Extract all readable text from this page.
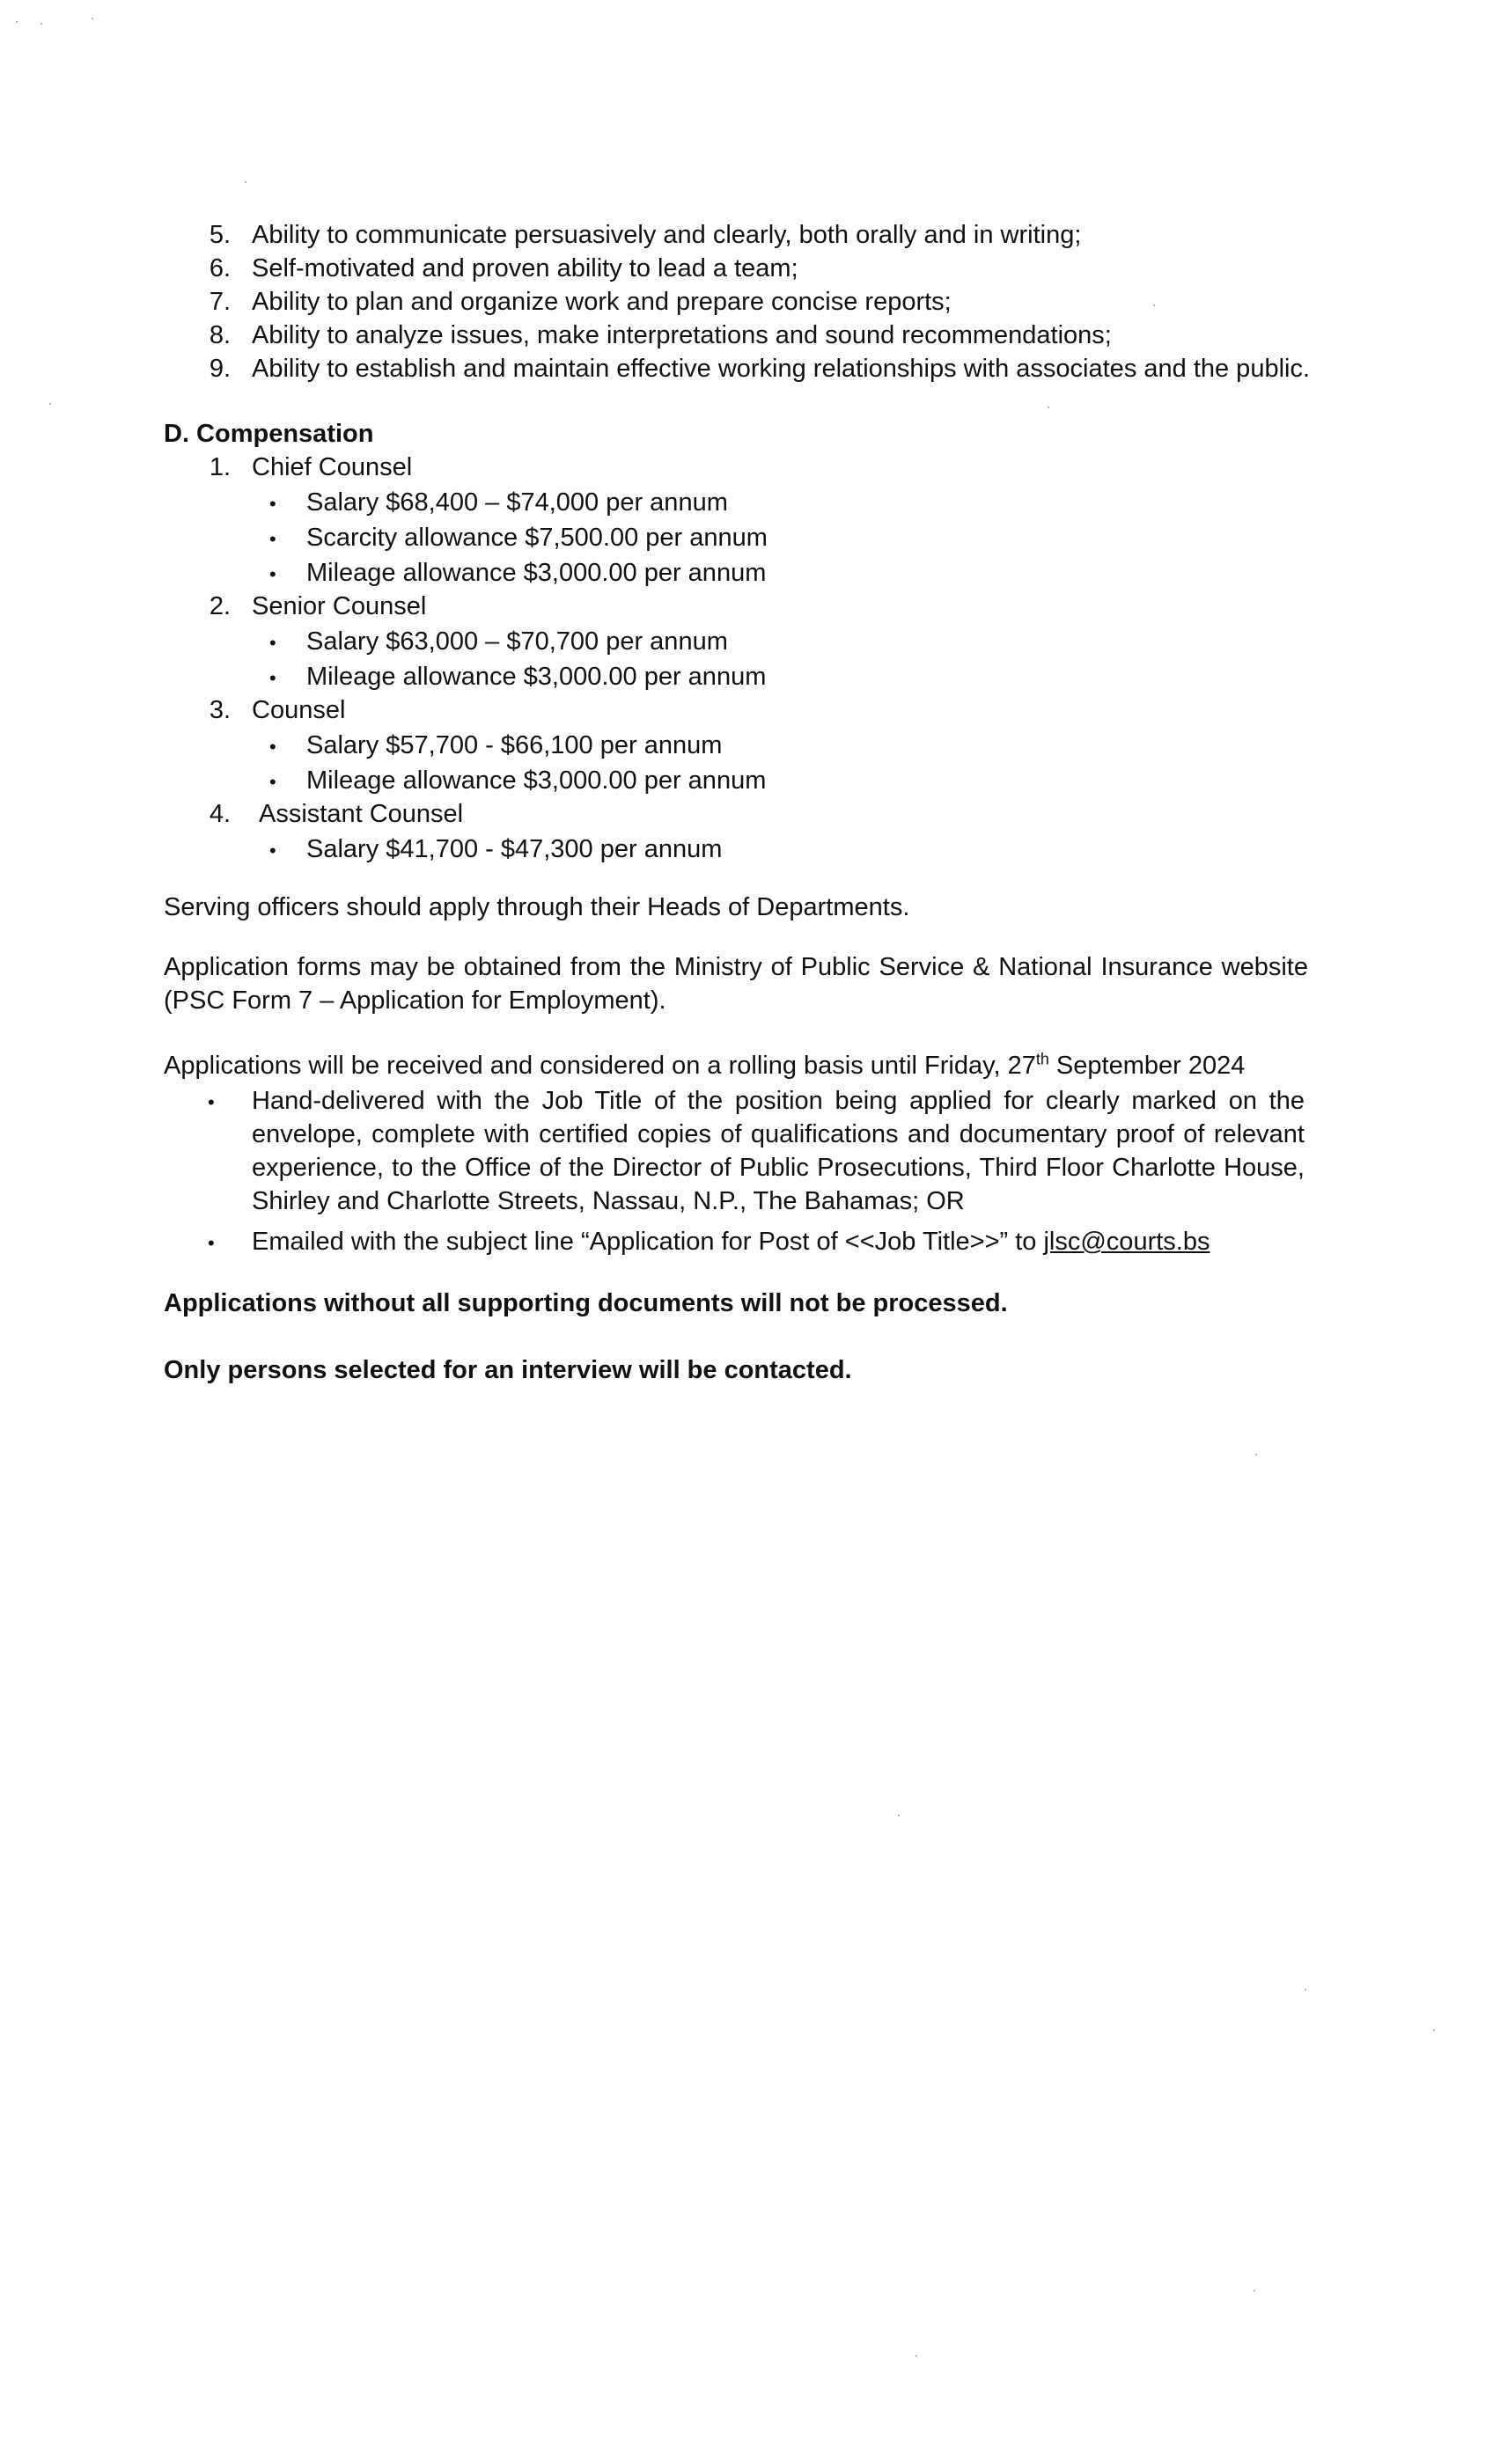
5. Ability to communicate persuasively and clearly, both orally and in writing;
6. Self-motivated and proven ability to lead a team;
7. Ability to plan and organize work and prepare concise reports;
8. Ability to analyze issues, make interpretations and sound recommendations;
9. Ability to establish and maintain effective working relationships with associates and the public.
D. Compensation
1. Chief Counsel
• Salary $68,400 – $74,000 per annum
• Scarcity allowance $7,500.00 per annum
• Mileage allowance $3,000.00 per annum
2. Senior Counsel
• Salary $63,000 – $70,700 per annum
• Mileage allowance $3,000.00 per annum
3. Counsel
• Salary $57,700 - $66,100 per annum
• Mileage allowance $3,000.00 per annum
4. Assistant Counsel
• Salary $41,700 - $47,300 per annum
Serving officers should apply through their Heads of Departments.
Application forms may be obtained from the Ministry of Public Service & National Insurance website (PSC Form 7 – Application for Employment).
Applications will be received and considered on a rolling basis until Friday, 27th September 2024
• Hand-delivered with the Job Title of the position being applied for clearly marked on the envelope, complete with certified copies of qualifications and documentary proof of relevant experience, to the Office of the Director of Public Prosecutions, Third Floor Charlotte House, Shirley and Charlotte Streets, Nassau, N.P., The Bahamas; OR
• Emailed with the subject line “Application for Post of <<Job Title>>” to jlsc@courts.bs
Applications without all supporting documents will not be processed.
Only persons selected for an interview will be contacted.
